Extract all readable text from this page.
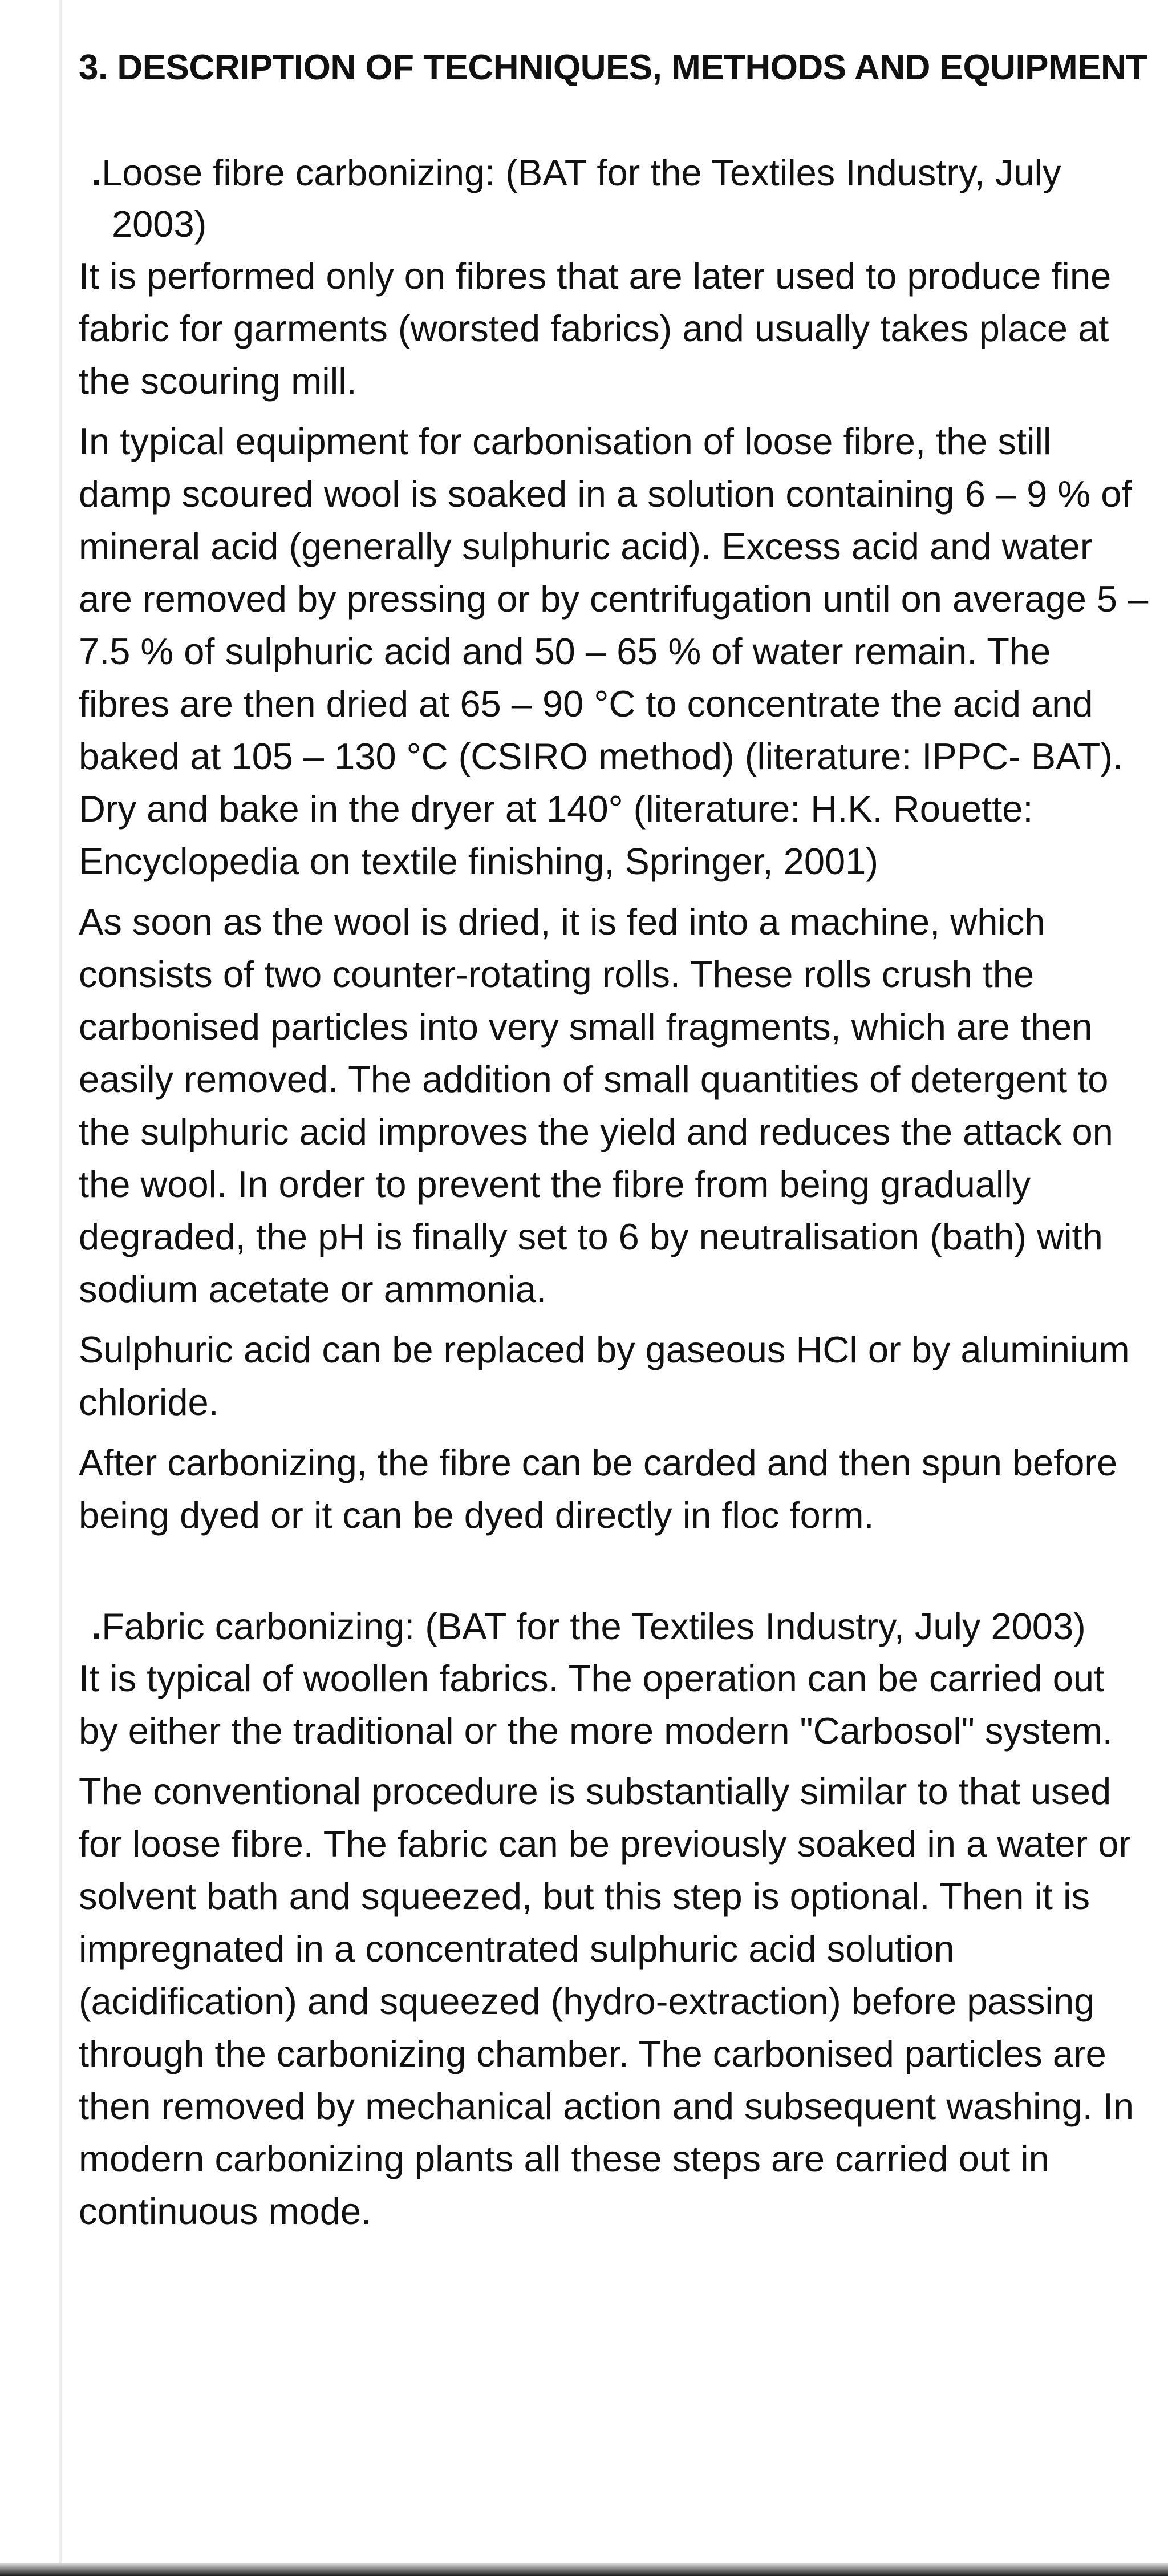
3. DESCRIPTION OF TECHNIQUES, METHODS AND EQUIPMENT
.Loose fibre carbonizing: (BAT for the Textiles Industry, July 2003)

It is performed only on fibres that are later used to produce fine fabric for garments (worsted fabrics) and usually takes place at the scouring mill.

In typical equipment for carbonisation of loose fibre, the still damp scoured wool is soaked in a solution containing 6 – 9 % of mineral acid (generally sulphuric acid). Excess acid and water are removed by pressing or by centrifugation until on average 5 – 7.5 % of sulphuric acid and 50 – 65 % of water remain. The fibres are then dried at 65 – 90 °C to concentrate the acid and baked at 105 – 130 °C (CSIRO method) (literature: IPPC- BAT). Dry and bake in the dryer at 140° (literature: H.K. Rouette: Encyclopedia on textile finishing, Springer, 2001)

As soon as the wool is dried, it is fed into a machine, which consists of two counter-rotating rolls. These rolls crush the carbonised particles into very small fragments, which are then easily removed. The addition of small quantities of detergent to the sulphuric acid improves the yield and reduces the attack on the wool. In order to prevent the fibre from being gradually degraded, the pH is finally set to 6 by neutralisation (bath) with sodium acetate or ammonia.

Sulphuric acid can be replaced by gaseous HCl or by aluminium chloride.

After carbonizing, the fibre can be carded and then spun before being dyed or it can be dyed directly in floc form.

.Fabric carbonizing: (BAT for the Textiles Industry, July 2003)

It is typical of woollen fabrics. The operation can be carried out by either the traditional or the more modern "Carbosol" system.

The conventional procedure is substantially similar to that used for loose fibre. The fabric can be previously soaked in a water or solvent bath and squeezed, but this step is optional. Then it is impregnated in a concentrated sulphuric acid solution (acidification) and squeezed (hydro-extraction) before passing through the carbonizing chamber. The carbonised particles are then removed by mechanical action and subsequent washing. In modern carbonizing plants all these steps are carried out in continuous mode.
